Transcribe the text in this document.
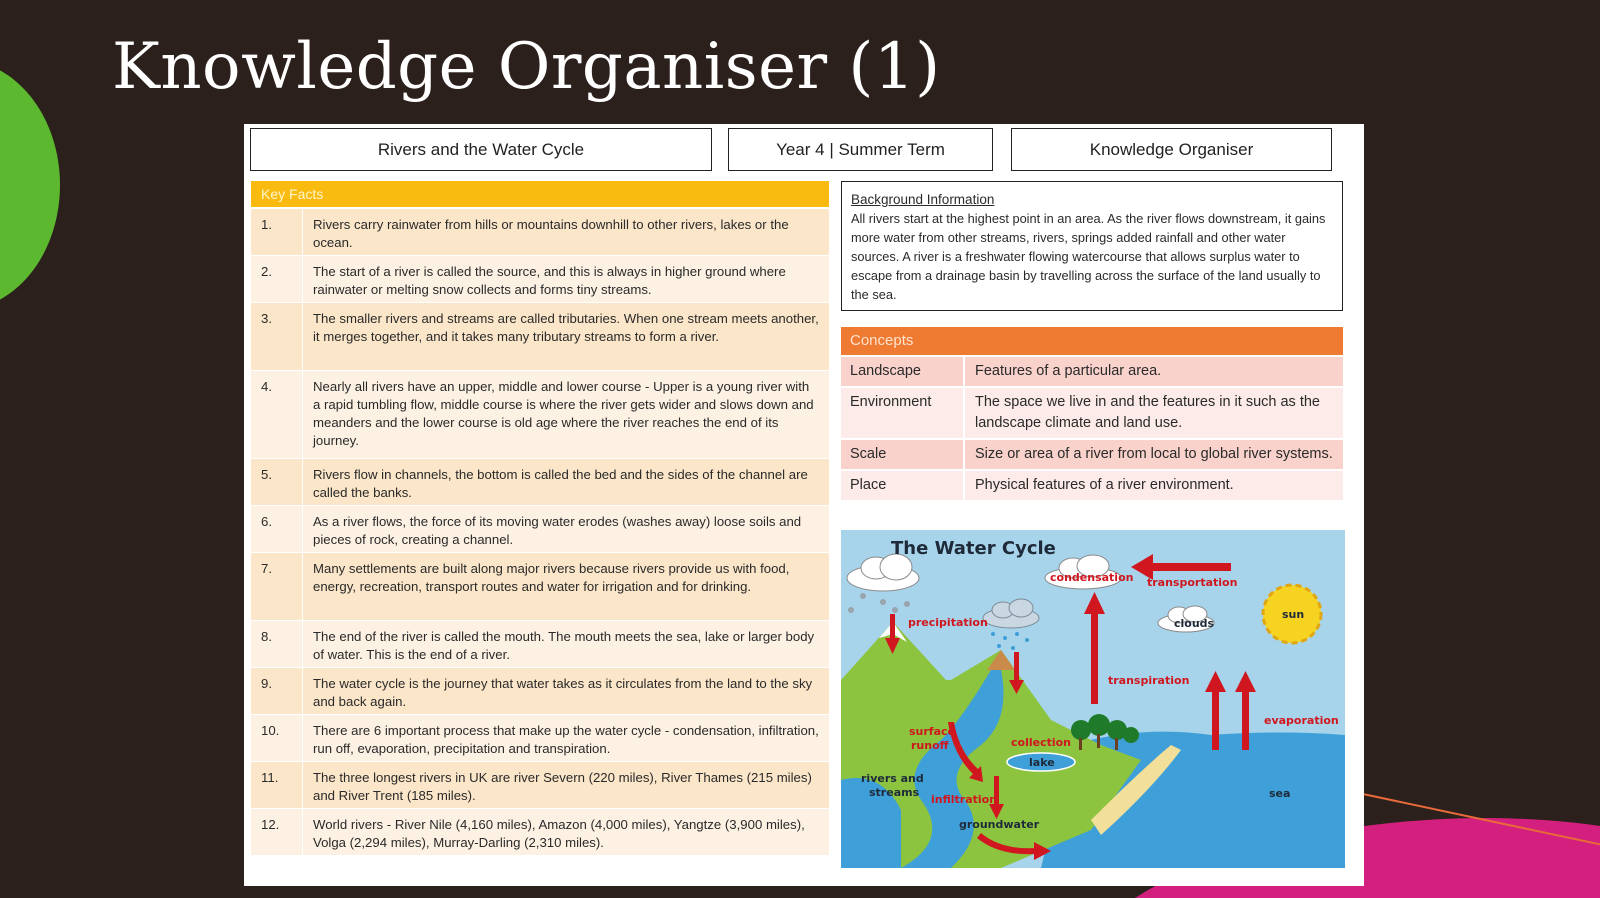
Knowledge Organiser (1)
Rivers and the Water Cycle	Year 4 | Summer Term	Knowledge Organiser
Key Facts
1.	Rivers carry rainwater from hills or mountains downhill to other rivers, lakes or the ocean.
2.	The start of a river is called the source, and this is always in higher ground where rainwater or melting snow collects and forms tiny streams.
3.	The smaller rivers and streams are called tributaries. When one stream meets another, it merges together, and it takes many tributary streams to form a river.
4.	Nearly all rivers have an upper, middle and lower course - Upper is a young river with a rapid tumbling flow, middle course is where the river gets wider and slows down and meanders and the lower course is old age where the river reaches the end of its journey.
5.	Rivers flow in channels, the bottom is called the bed and the sides of the channel are called the banks.
6.	As a river flows, the force of its moving water erodes (washes away) loose soils and pieces of rock, creating a channel.
7.	Many settlements are built along major rivers because rivers provide us with food, energy, recreation, transport routes and water for irrigation and for drinking.
8.	The end of the river is called the mouth. The mouth meets the sea, lake or larger body of water. This is the end of a river.
9.	The water cycle is the journey that water takes as it circulates from the land to the sky and back again.
10.	There are 6 important process that make up the water cycle - condensation, infiltration, run off, evaporation, precipitation and transpiration.
11.	The three longest rivers in UK are river Severn (220 miles), River Thames (215 miles) and River Trent (185 miles).
12.	World rivers - River Nile (4,160 miles), Amazon (4,000 miles), Yangtze (3,900 miles), Volga (2,294 miles), Murray-Darling (2,310 miles).
Background Information
All rivers start at the highest point in an area. As the river flows downstream, it gains more water from other streams, rivers, springs added rainfall and other water sources. A river is a freshwater flowing watercourse that allows surplus water to escape from a drainage basin by travelling across the surface of the land usually to the sea.
Concepts
Landscape	Features of a particular area.
Environment	The space we live in and the features in it such as the landscape climate and land use.
Scale	Size or area of a river from local to global river systems.
Place	Physical features of a river environment.
The Water Cycle
condensation transportation
precipitation	clouds
sun
transpiration
evaporation
surface
runoff	collection
lake
rivers and
streams
infiltration
groundwater
sea
